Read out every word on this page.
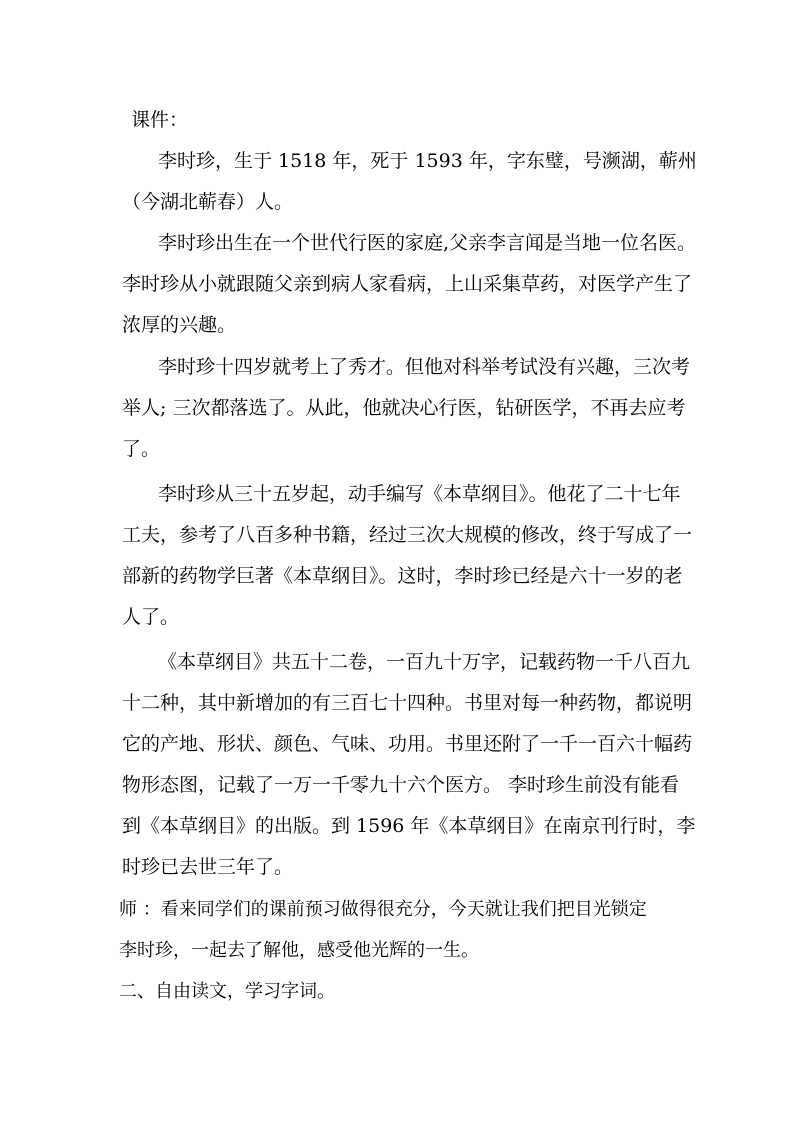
课件：
李时珍，生于 1518 年，死于 1593 年，字东璧，号濒湖，蕲州
（今湖北蕲春）人。
李时珍出生在一个世代行医的家庭,父亲李言闻是当地一位名医。
李时珍从小就跟随父亲到病人家看病，上山采集草药，对医学产生了
浓厚的兴趣。
李时珍十四岁就考上了秀才。但他对科举考试没有兴趣，三次考
举人; 三次都落选了。从此，他就决心行医，钻研医学，不再去应考
了。
李时珍从三十五岁起，动手编写《本草纲目》。他花了二十七年
工夫，参考了八百多种书籍，经过三次大规模的修改，终于写成了一
部新的药物学巨著《本草纲目》。这时，李时珍已经是六十一岁的老
人了。
《本草纲目》共五十二卷，一百九十万字，记载药物一千八百九
十二种，其中新增加的有三百七十四种。书里对每一种药物，都说明
它的产地、形状、颜色、气味、功用。书里还附了一千一百六十幅药
物形态图，记载了一万一千零九十六个医方。 李时珍生前没有能看
到《本草纲目》的出版。到 1596 年《本草纲目》在南京刊行时，李
时珍已去世三年了。
师 ：看来同学们的课前预习做得很充分，今天就让我们把目光锁定
李时珍，一起去了解他，感受他光辉的一生。
二、自由读文，学习字词。
